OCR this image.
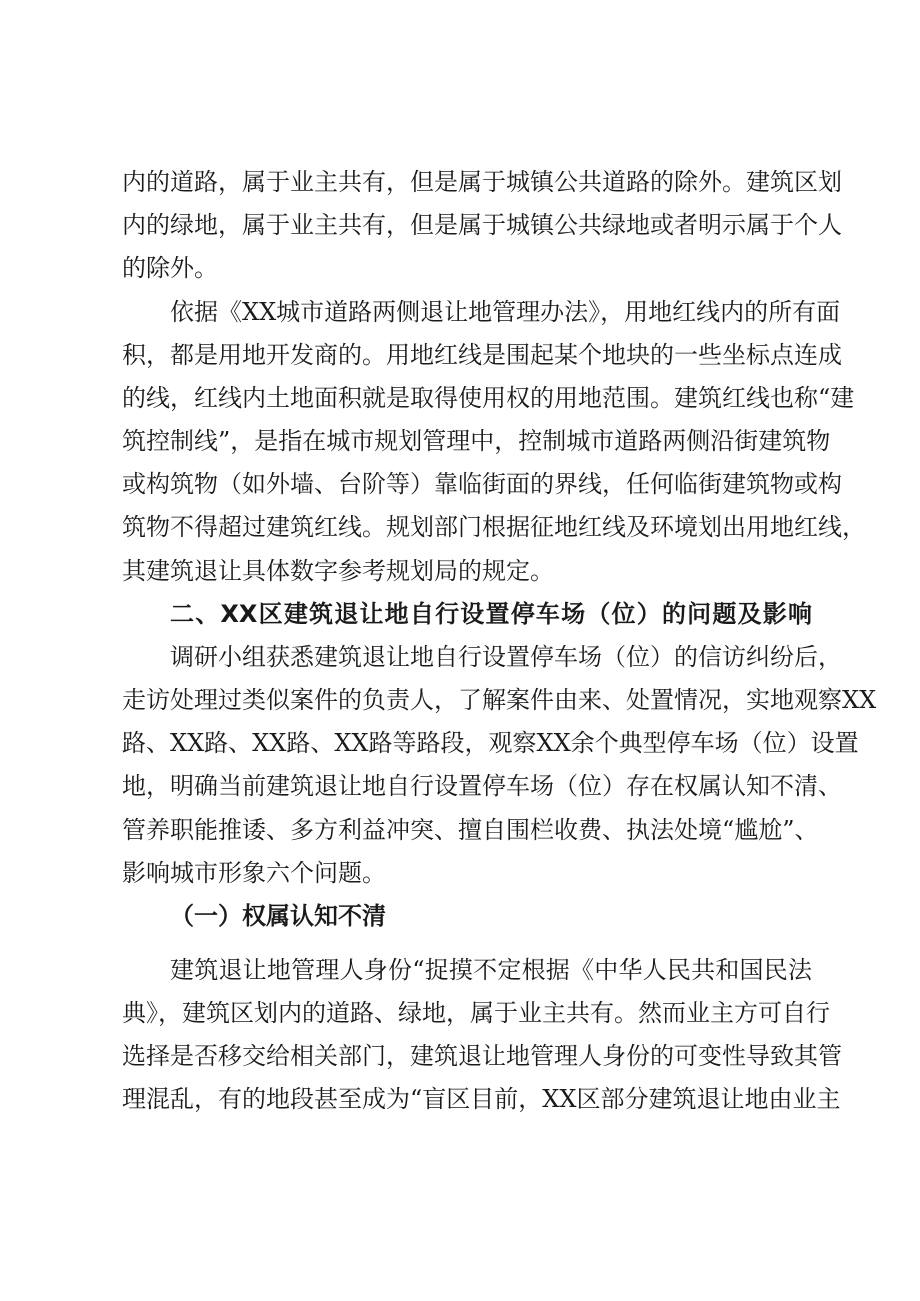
内的道路，属于业主共有，但是属于城镇公共道路的除外。建筑区划
内的绿地，属于业主共有，但是属于城镇公共绿地或者明示属于个人
的除外。
依据《XX城市道路两侧退让地管理办法》，用地红线内的所有面
积，都是用地开发商的。用地红线是围起某个地块的一些坐标点连成
的线，红线内土地面积就是取得使用权的用地范围。建筑红线也称“建
筑控制线”，是指在城市规划管理中，控制城市道路两侧沿街建筑物
或构筑物（如外墙、台阶等）靠临街面的界线，任何临街建筑物或构
筑物不得超过建筑红线。规划部门根据征地红线及环境划出用地红线，
其建筑退让具体数字参考规划局的规定。
二、XX区建筑退让地自行设置停车场（位）的问题及影响
调研小组获悉建筑退让地自行设置停车场（位）的信访纠纷后，
走访处理过类似案件的负责人，了解案件由来、处置情况，实地观察XX
路、XX路、XX路、XX路等路段，观察XX余个典型停车场（位）设置
地，明确当前建筑退让地自行设置停车场（位）存在权属认知不清、
管养职能推诿、多方利益冲突、擅自围栏收费、执法处境“尴尬”、
影响城市形象六个问题。
（一）权属认知不清
建筑退让地管理人身份“捉摸不定根据《中华人民共和国民法
典》，建筑区划内的道路、绿地，属于业主共有。然而业主方可自行
选择是否移交给相关部门，建筑退让地管理人身份的可变性导致其管
理混乱，有的地段甚至成为“盲区目前，XX区部分建筑退让地由业主
